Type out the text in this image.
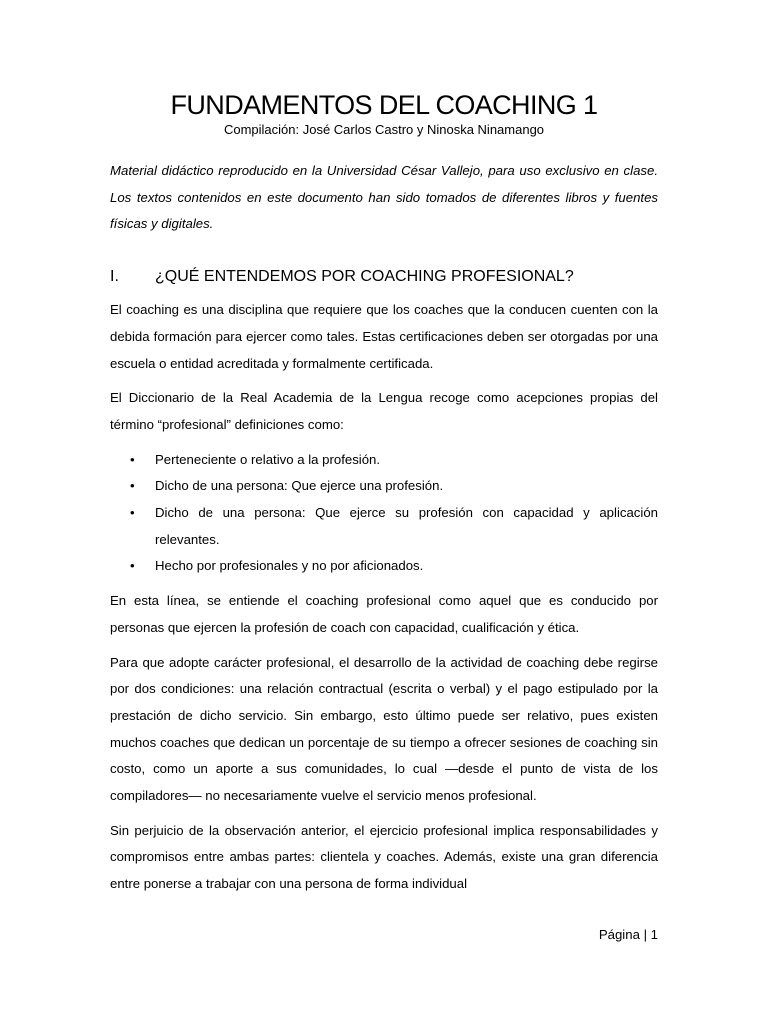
FUNDAMENTOS DEL COACHING 1
Compilación: José Carlos Castro y Ninoska Ninamango

Material didáctico reproducido en la Universidad César Vallejo, para uso exclusivo en clase. Los textos contenidos en este documento han sido tomados de diferentes libros y fuentes físicas y digitales.

I.	¿QUÉ ENTENDEMOS POR COACHING PROFESIONAL?

El coaching es una disciplina que requiere que los coaches que la conducen cuenten con la debida formación para ejercer como tales. Estas certificaciones deben ser otorgadas por una escuela o entidad acreditada y formalmente certificada.

El Diccionario de la Real Academia de la Lengua recoge como acepciones propias del término “profesional” definiciones como:

• Perteneciente o relativo a la profesión.
• Dicho de una persona: Que ejerce una profesión.
• Dicho de una persona: Que ejerce su profesión con capacidad y aplicación relevantes.
• Hecho por profesionales y no por aficionados.

En esta línea, se entiende el coaching profesional como aquel que es conducido por personas que ejercen la profesión de coach con capacidad, cualificación y ética.

Para que adopte carácter profesional, el desarrollo de la actividad de coaching debe regirse por dos condiciones: una relación contractual (escrita o verbal) y el pago estipulado por la prestación de dicho servicio. Sin embargo, esto último puede ser relativo, pues existen muchos coaches que dedican un porcentaje de su tiempo a ofrecer sesiones de coaching sin costo, como un aporte a sus comunidades, lo cual —desde el punto de vista de los compiladores— no necesariamente vuelve el servicio menos profesional.

Sin perjuicio de la observación anterior, el ejercicio profesional implica responsabilidades y compromisos entre ambas partes: clientela y coaches. Además, existe una gran diferencia entre ponerse a trabajar con una persona de forma individual

Página | 1
